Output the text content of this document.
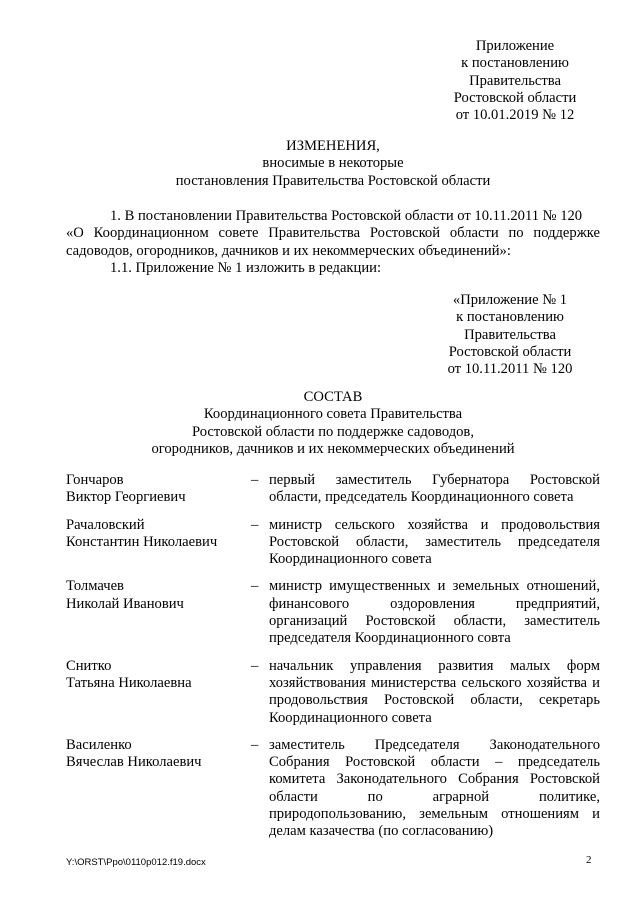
Приложение
к постановлению
Правительства
Ростовской области
от 10.01.2019 № 12
ИЗМЕНЕНИЯ,
вносимые в некоторые
постановления Правительства Ростовской области
1. В постановлении Правительства Ростовской области от 10.11.2011 № 120
«О Координационном совете Правительства Ростовской области по поддержке садоводов, огородников, дачников и их некоммерческих объединений»:
1.1. Приложение № 1 изложить в редакции:
«Приложение № 1
к постановлению
Правительства
Ростовской области
от 10.11.2011 № 120
СОСТАВ
Координационного совета Правительства
Ростовской области по поддержке садоводов,
огородников, дачников и их некоммерческих объединений
Гончаров
Виктор Георгиевич
– первый заместитель Губернатора Ростовской области, председатель Координационного совета
Рачаловский
Константин Николаевич
– министр сельского хозяйства и продовольствия Ростовской области, заместитель председателя Координационного совета
Толмачев
Николай Иванович
– министр имущественных и земельных отношений, финансового оздоровления предприятий, организаций Ростовской области, заместитель председателя Координационного совта
Снитко
Татьяна Николаевна
– начальник управления развития малых форм хозяйствования министерства сельского хозяйства и продовольствия Ростовской области, секретарь Координационного совета
Василенко
Вячеслав Николаевич
– заместитель Председателя Законодательного Собрания Ростовской области – председатель комитета Законодательного Собрания Ростовской области по аграрной политике, природопользованию, земельным отношениям и делам казачества (по согласованию)
Y:\ORST\Ppo\0110p012.f19.docx	2
